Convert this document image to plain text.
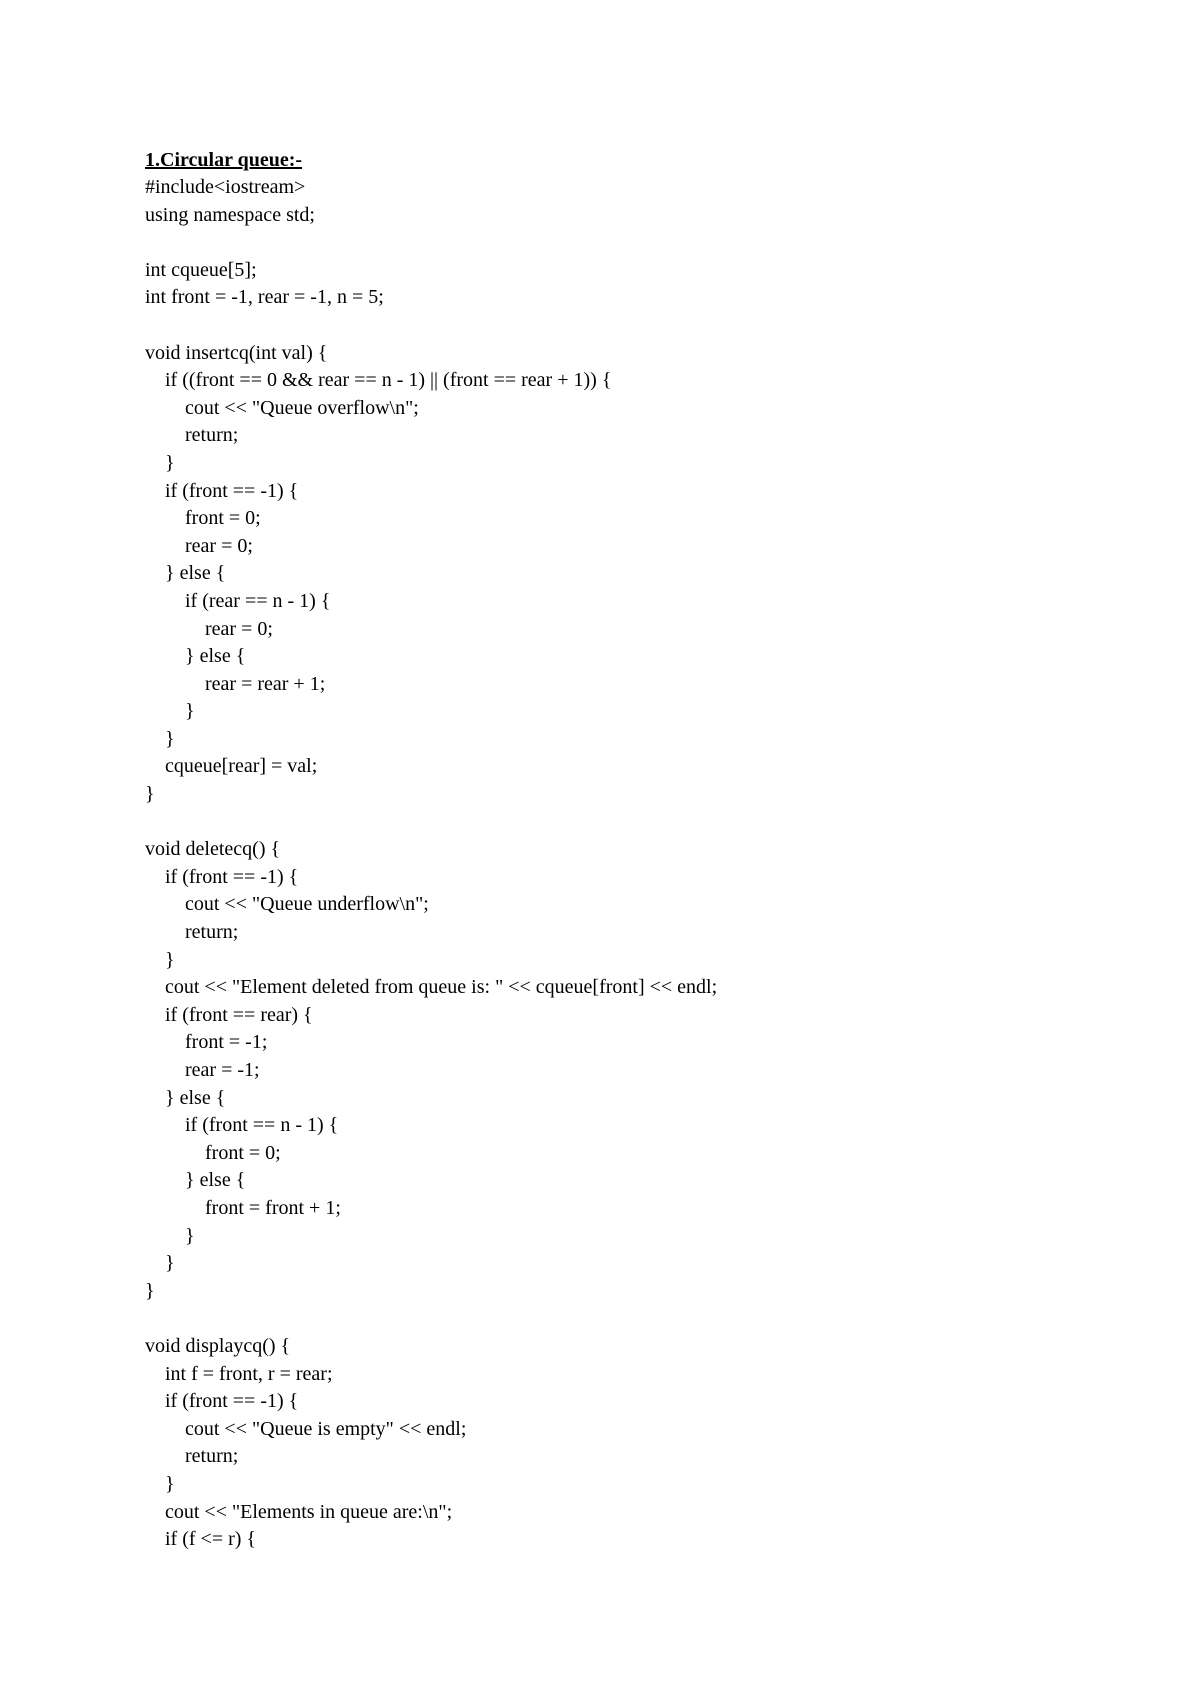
1.Circular queue:-
#include<iostream>
using namespace std;
int cqueue[5];
int front = -1, rear = -1, n = 5;
void insertcq(int val) {
if ((front == 0 && rear == n - 1) || (front == rear + 1)) {
cout << "Queue overflow\n";
return;
}
if (front == -1) {
front = 0;
rear = 0;
} else {
if (rear == n - 1) {
rear = 0;
} else {
rear = rear + 1;
}
}
cqueue[rear] = val;
}
void deletecq() {
if (front == -1) {
cout << "Queue underflow\n";
return;
}
cout << "Element deleted from queue is: " << cqueue[front] << endl;
if (front == rear) {
front = -1;
rear = -1;
} else {
if (front == n - 1) {
front = 0;
} else {
front = front + 1;
}
}
}
void displaycq() {
int f = front, r = rear;
if (front == -1) {
cout << "Queue is empty" << endl;
return;
}
cout << "Elements in queue are:\n";
if (f <= r) {
